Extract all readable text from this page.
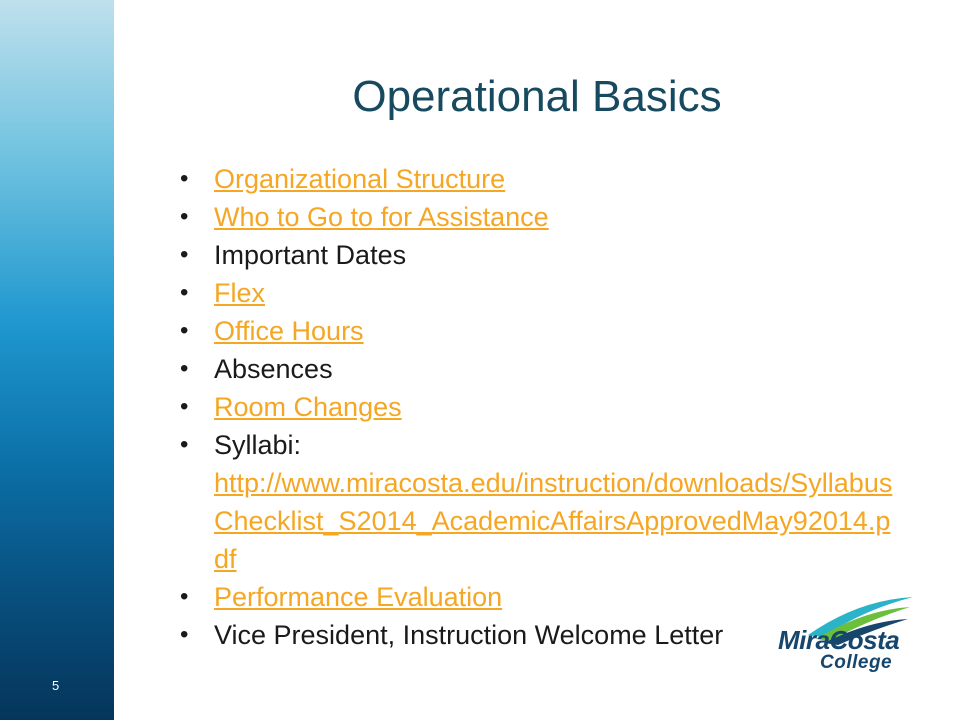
5
Operational Basics
• Organizational Structure
• Who to Go to for Assistance
• Important Dates
• Flex
• Office Hours
• Absences
• Room Changes
• Syllabi:
http://www.miracosta.edu/instruction/downloads/SyllabusChecklist_S2014_AcademicAffairsApprovedMay92014.pdf
• Performance Evaluation
• Vice President, Instruction Welcome Letter	MiraCosta
College
